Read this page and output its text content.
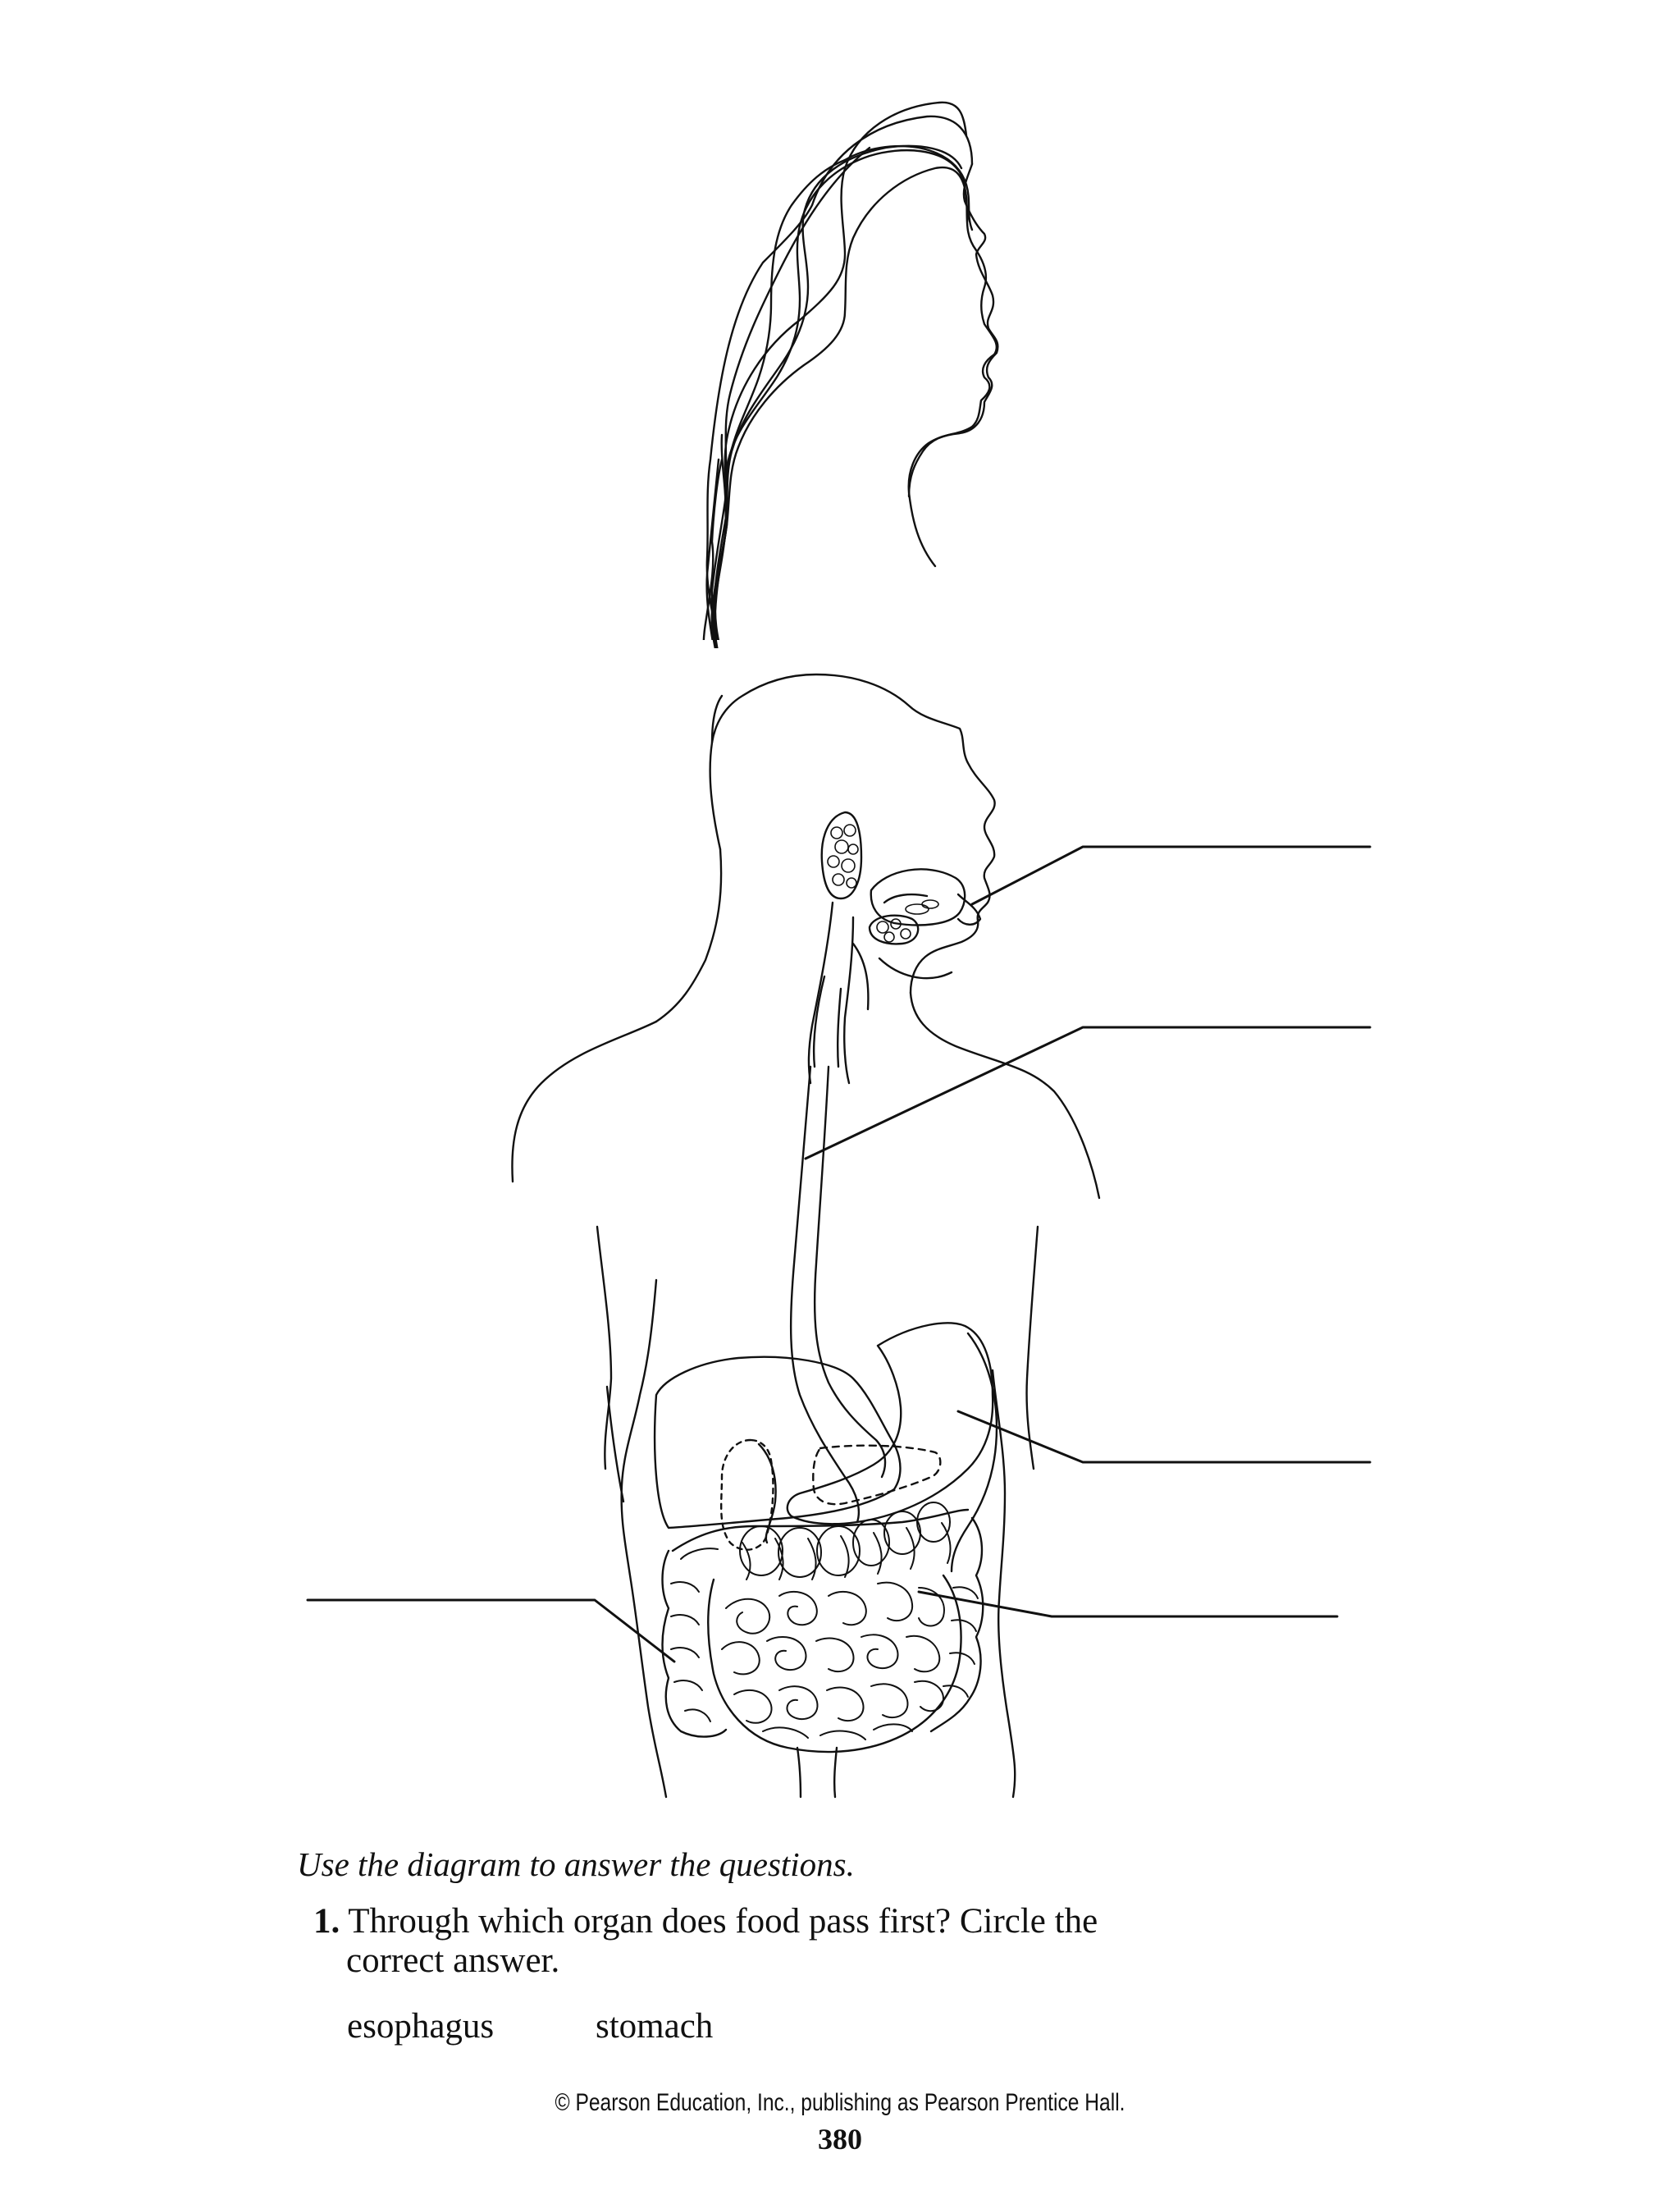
Use the diagram to answer the questions.
1. Through which organ does food pass first? Circle the
correct answer.
esophagus	stomach
© Pearson Education, Inc., publishing as Pearson Prentice Hall.
380
